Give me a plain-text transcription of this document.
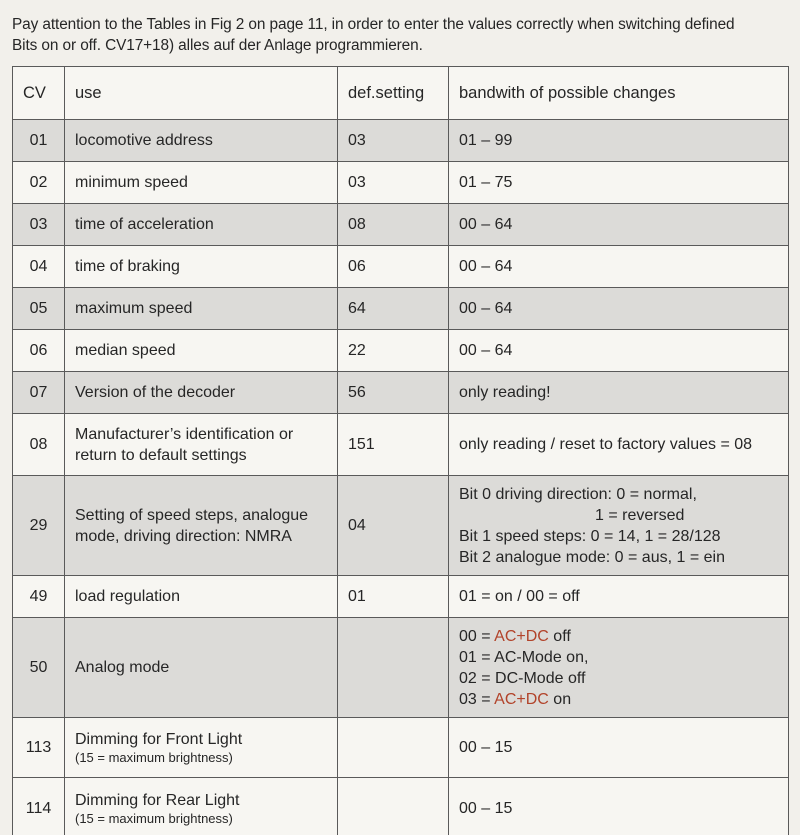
Pay attention to the Tables in Fig 2 on page 11, in order to enter the values correctly when switching defined
Bits on or off. CV17+18) alles auf der Anlage programmieren.
CV	use	def.setting	bandwith of possible changes
01	locomotive address	03	01 – 99
02	minimum speed	03	01 – 75
03	time of acceleration	08	00 – 64
04	time of braking	06	00 – 64
05	maximum speed	64	00 – 64
06	median speed	22	00 – 64
07	Version of the decoder	56	only reading!
08	Manufacturer’s identification or
return to default settings	151	only reading / reset to factory values = 08
29	Setting of speed steps, analogue
mode, driving direction: NMRA	04	Bit 0 driving direction: 0 = normal,
1 = reversed
Bit 1 speed steps: 0 = 14, 1 = 28/128
Bit 2 analogue mode: 0 = aus, 1 = ein

49	load regulation	01	01 = on / 00 = off
50	Analog mode		00 = AC+DC off
01 = AC-Mode on,
02 = DC-Mode off
03 = AC+DC on

113	Dimming for Front Light
(15 = maximum brightness)		00 – 15
114	Dimming for Rear Light
(15 = maximum brightness)		00 – 15
